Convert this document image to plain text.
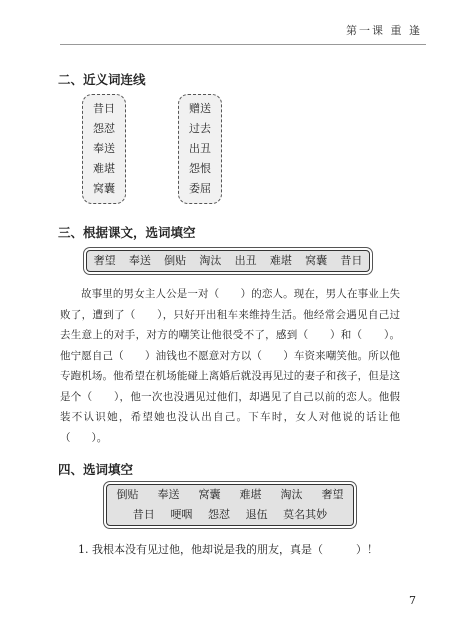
第一课 重 逢
二、近义词连线
昔日
怨怼
奉送
难堪
窝囊
赠送
过去
出丑
怨恨
委屈
三、根据课文，选词填空
奢望 奉送 倒贴 淘汰 出丑 难堪 窝囊 昔日

故事里的男女主人公是一对（　　）的恋人。现在，男人在事业上失败了，遭到了（　　），只好开出租车来维持生活。他经常会遇见自己过去生意上的对手，对方的嘲笑让他很受不了，感到（　　）和（　　）。他宁愿自己（　　）油钱也不愿意对方以（　　）车资来嘲笑他。所以他专跑机场。他希望在机场能碰上离婚后就没再见过的妻子和孩子，但是这是个（　　），他一次也没遇见过他们，却遇见了自己以前的恋人。他假装不认识她，希望她也没认出自己。下车时，女人对他说的话让他（　　）。

四、选词填空
倒贴 奉送 窝囊 难堪 淘汰 奢望
昔日 哽咽 怨怼 退伍 莫名其妙
1. 我根本没有见过他，他却说是我的朋友，真是（　　　）！
7
